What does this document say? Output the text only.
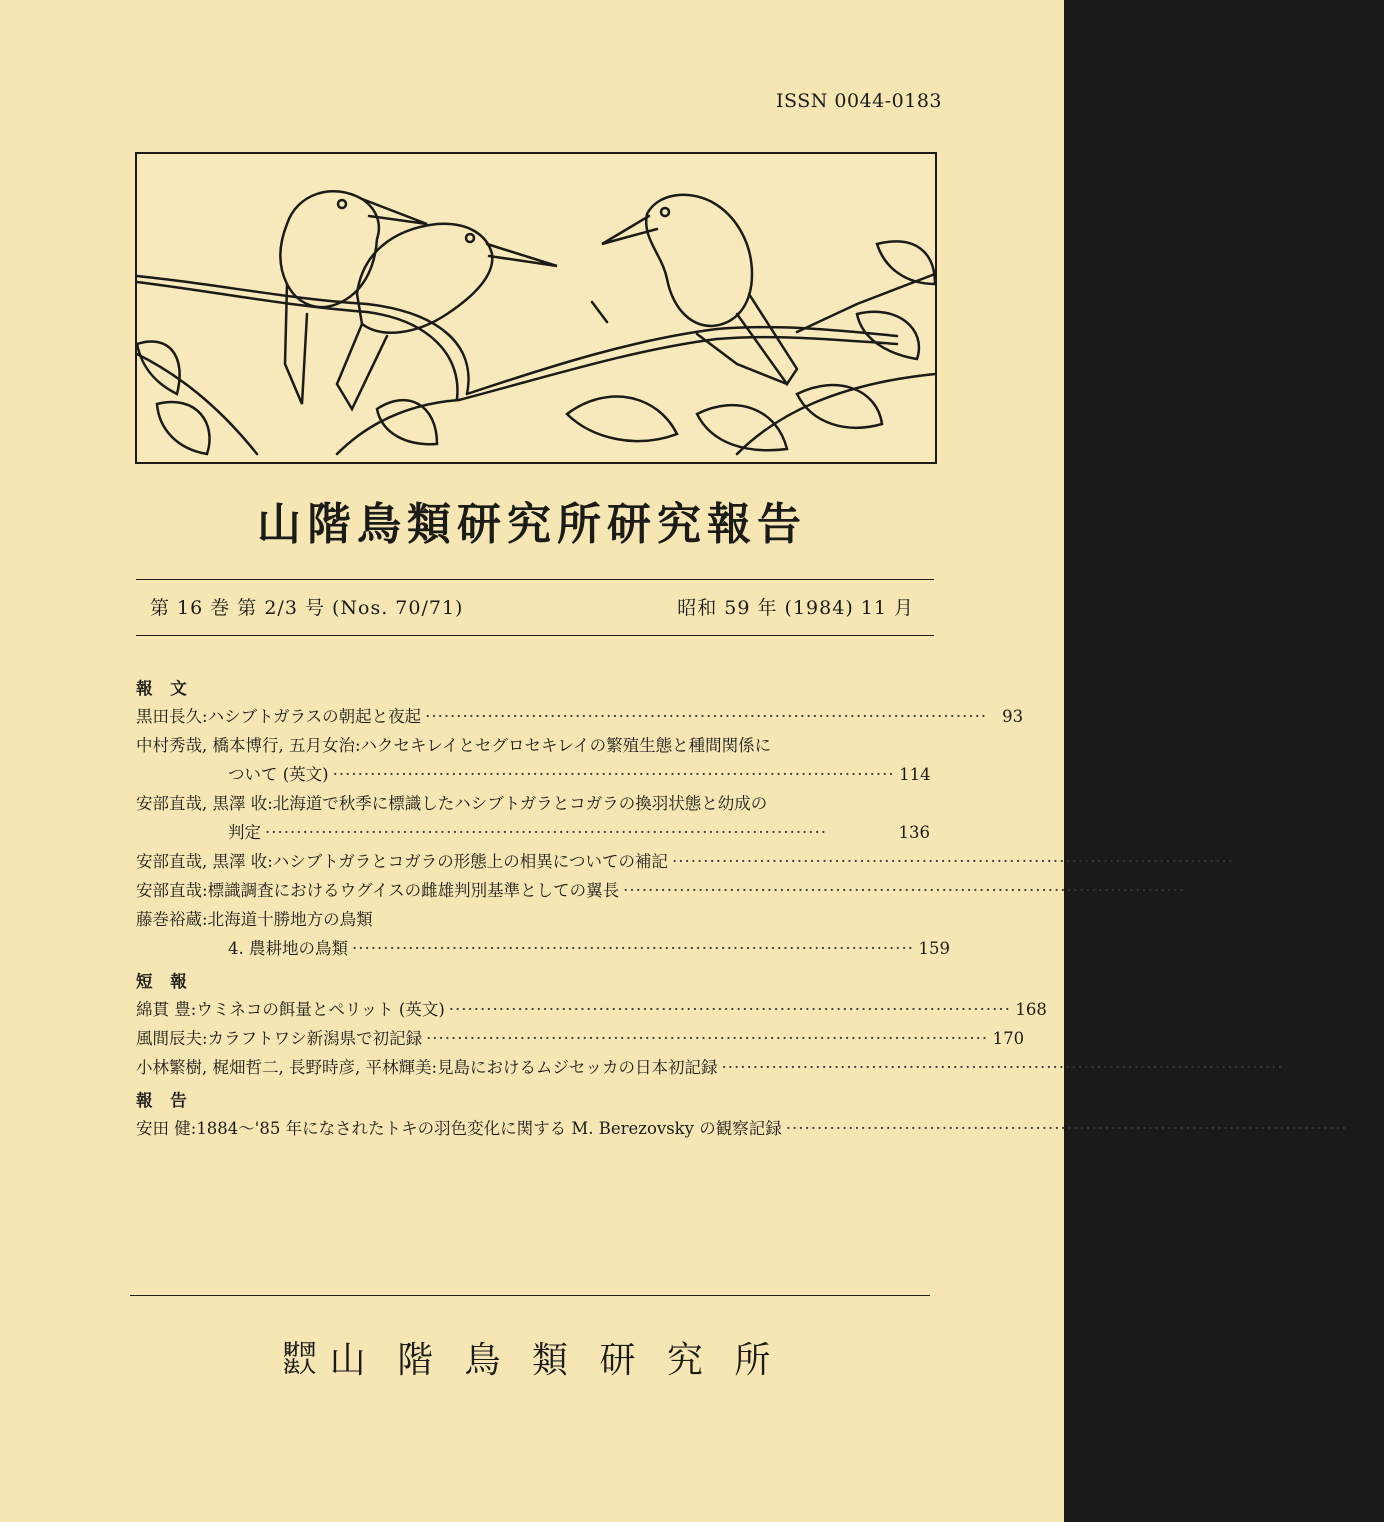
ISSN 0044-0183
山階鳥類研究所研究報告
第 16 巻 第 2/3 号 (Nos. 70/71)	昭和 59 年 (1984) 11 月
報 文
黒田長久: ハシブトガラスの朝起と夜起 ·························································································· 93
中村秀哉, 橋本博行, 五月女治: ハクセキレイとセグロセキレイの繁殖生態と種間関係に
ついて (英文) ·························································································· 114
安部直哉, 黒澤 收: 北海道で秋季に標識したハシブトガラとコガラの換羽状態と幼成の
判定 ··························································································	136
安部直哉, 黒澤 收: ハシブトガラとコガラの形態上の相異についての補記 ·························································································· 142
安部直哉: 標識調査におけるウグイスの雌雄判別基準としての翼長 ·························································································· 151
藤巻裕蔵: 北海道十勝地方の鳥類
4. 農耕地の鳥類 ·························································································· 159
短 報
綿貫 豊: ウミネコの餌量とペリット (英文) ·························································································· 168
風間辰夫: カラフトワシ新潟県で初記録 ·························································································· 170
小林繁樹, 梶畑哲二, 長野時彦, 平林輝美: 見島におけるムジセッカの日本初記録 ·························································································· 172
報 告
安田 健: 1884～'85 年になされたトキの羽色変化に関する M. Berezovsky の観察記録 ·························································································· 174
財団
法人 山 階 鳥 類 研 究 所
